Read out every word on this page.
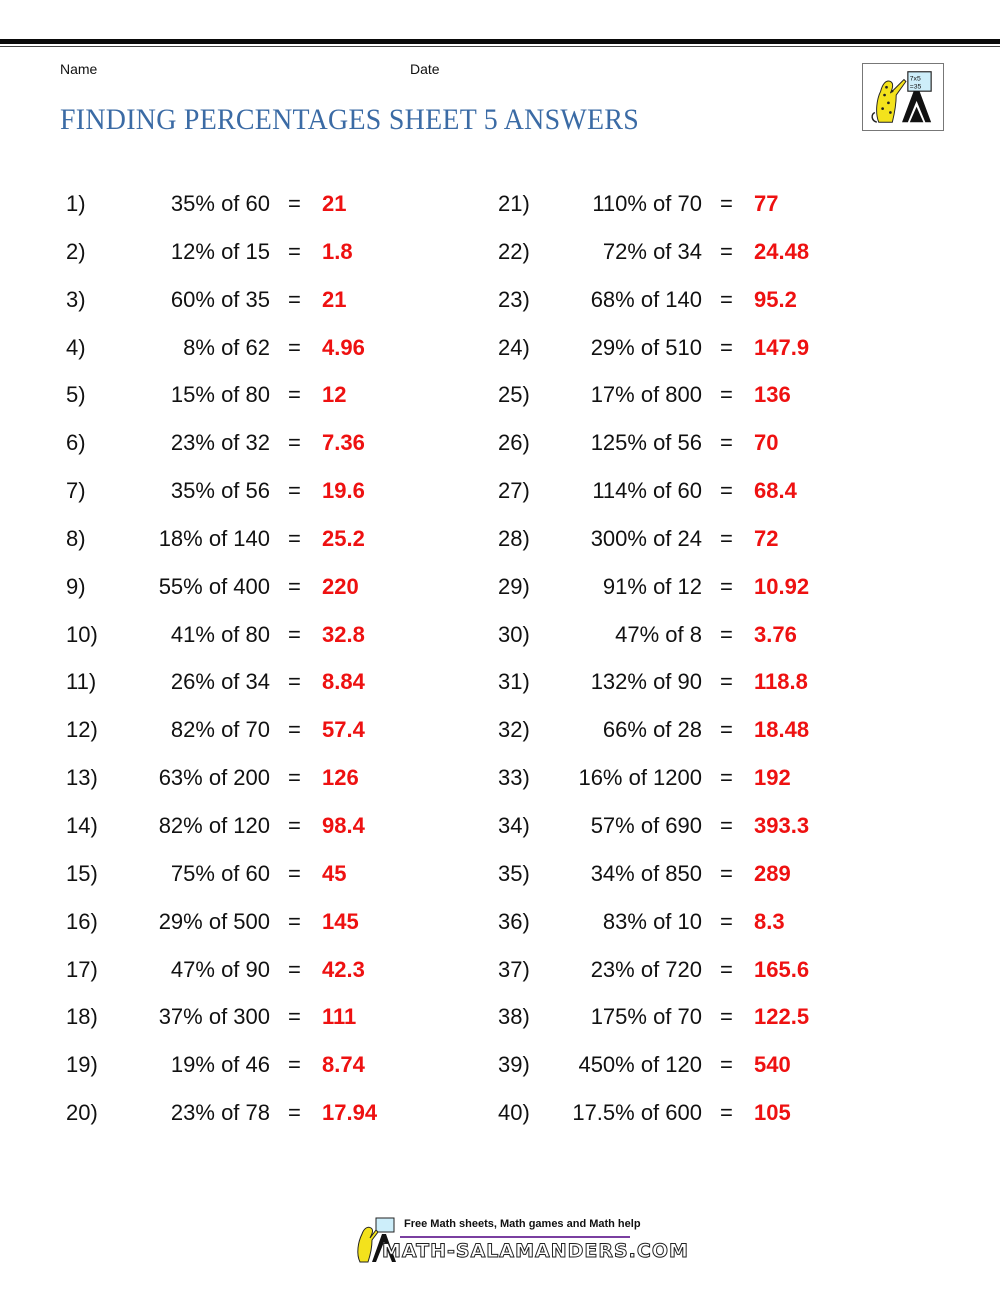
Name	Date
FINDING PERCENTAGES SHEET 5 ANSWERS
7x5
=35
1)	35% of 60 = 21
2)	12% of 15 = 1.8
3)	60% of 35 = 21
4)	8% of 62 = 4.96
5)	15% of 80 = 12
6)	23% of 32 = 7.36
7)	35% of 56 = 19.6
8)	18% of 140 = 25.2
9)	55% of 400 = 220
10)	41% of 80 = 32.8
11)	26% of 34 = 8.84
12)	82% of 70 = 57.4
13)	63% of 200 = 126
14)	82% of 120 = 98.4
15)	75% of 60 = 45
16)	29% of 500 = 145
17)	47% of 90 = 42.3
18)	37% of 300 = 111
19)	19% of 46 = 8.74
20)	23% of 78 = 17.94
21)	110% of 70 = 77
22)	72% of 34 = 24.48
23)	68% of 140 = 95.2
24)	29% of 510 = 147.9
25)	17% of 800 = 136
26)	125% of 56 = 70
27)	114% of 60 = 68.4
28)	300% of 24 = 72
29)	91% of 12 = 10.92
30)	47% of 8 = 3.76
31)	132% of 90 = 118.8
32)	66% of 28 = 18.48
33)	16% of 1200 = 192
34)	57% of 690 = 393.3
35)	34% of 850 = 289
36)	83% of 10 = 8.3
37)	23% of 720 = 165.6
38)	175% of 70 = 122.5
39)	450% of 120 = 540
40)	17.5% of 600 = 105
Free Math sheets, Math games and Math help
MATH-SALAMANDERS.COM
